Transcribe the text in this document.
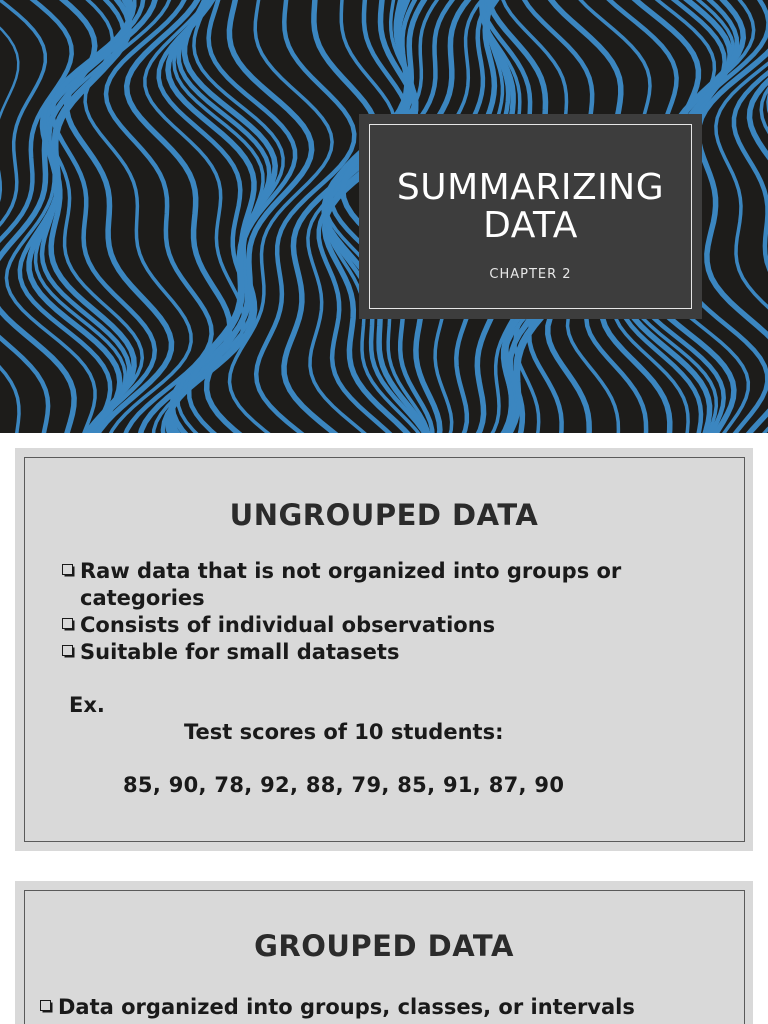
SUMMARIZING
DATA
CHAPTER 2
UNGROUPED DATA
Raw data that is not organized into groups or categories
Consists of individual observations
Suitable for small datasets
Ex.
Test scores of 10 students:
85, 90, 78, 92, 88, 79, 85, 91, 87, 90
GROUPED DATA
Data organized into groups, classes, or intervals
